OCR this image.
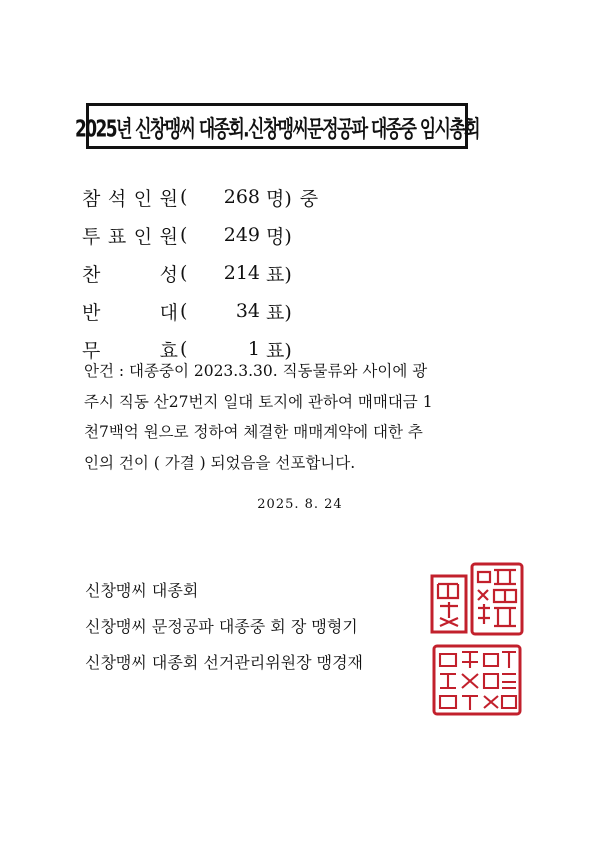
2025년 신창맹씨 대종회.신창맹씨문정공파 대종중 임시총회
참 석 인 원 (	268 명) 중
투 표 인 원 (	249 명)
찬	성 (	214 표)
반	대 (	34 표)
무	효 (	1 표)
안건 : 대종중이 2023.3.30. 직동물류와 사이에 광
주시 직동 산27번지 일대 토지에 관하여 매매대금 1
천7백억 원으로 정하여 체결한 매매계약에 대한 추
인의 건이 ( 가결 ) 되었음을 선포합니다.
2025. 8. 24
신창맹씨 대종회
신창맹씨 문정공파 대종중 회 장 맹형기
신창맹씨 대종회 선거관리위원장 맹경재
